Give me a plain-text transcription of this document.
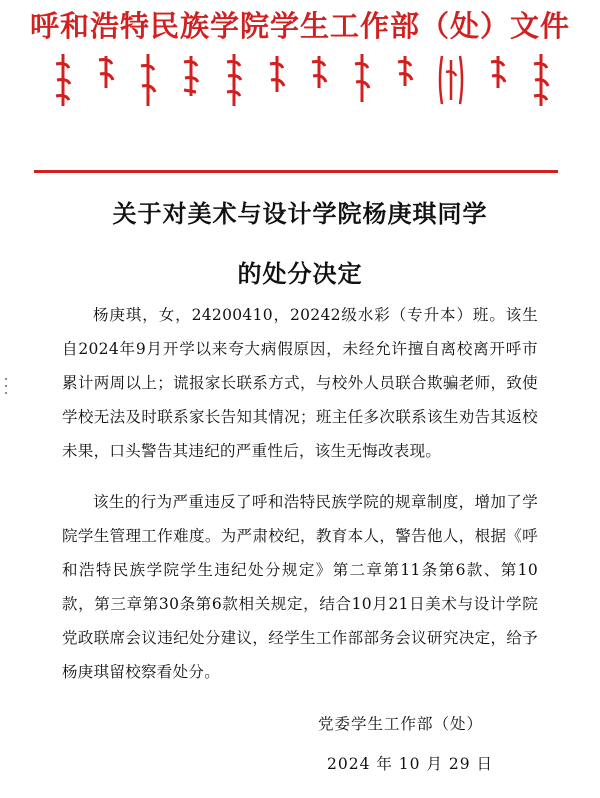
呼和浩特民族学院学生工作部（处）文件
关于对美术与设计学院杨庚琪同学
的处分决定
杨庚琪，女，24200410，20242级水彩（专升本）班。该生自2024年9月开学以来夸大病假原因，未经允许擅自离校离开呼市累计两周以上；谎报家长联系方式，与校外人员联合欺骗老师，致使学校无法及时联系家长告知其情况；班主任多次联系该生劝告其返校未果，口头警告其违纪的严重性后，该生无悔改表现。
该生的行为严重违反了呼和浩特民族学院的规章制度，增加了学院学生管理工作难度。为严肃校纪，教育本人，警告他人，根据《呼和浩特民族学院学生违纪处分规定》第二章第11条第6款、第10款，第三章第30条第6款相关规定，结合10月21日美术与设计学院党政联席会议违纪处分建议，经学生工作部部务会议研究决定，给予杨庚琪留校察看处分。
党委学生工作部（处）
2024 年 10 月 29 日
